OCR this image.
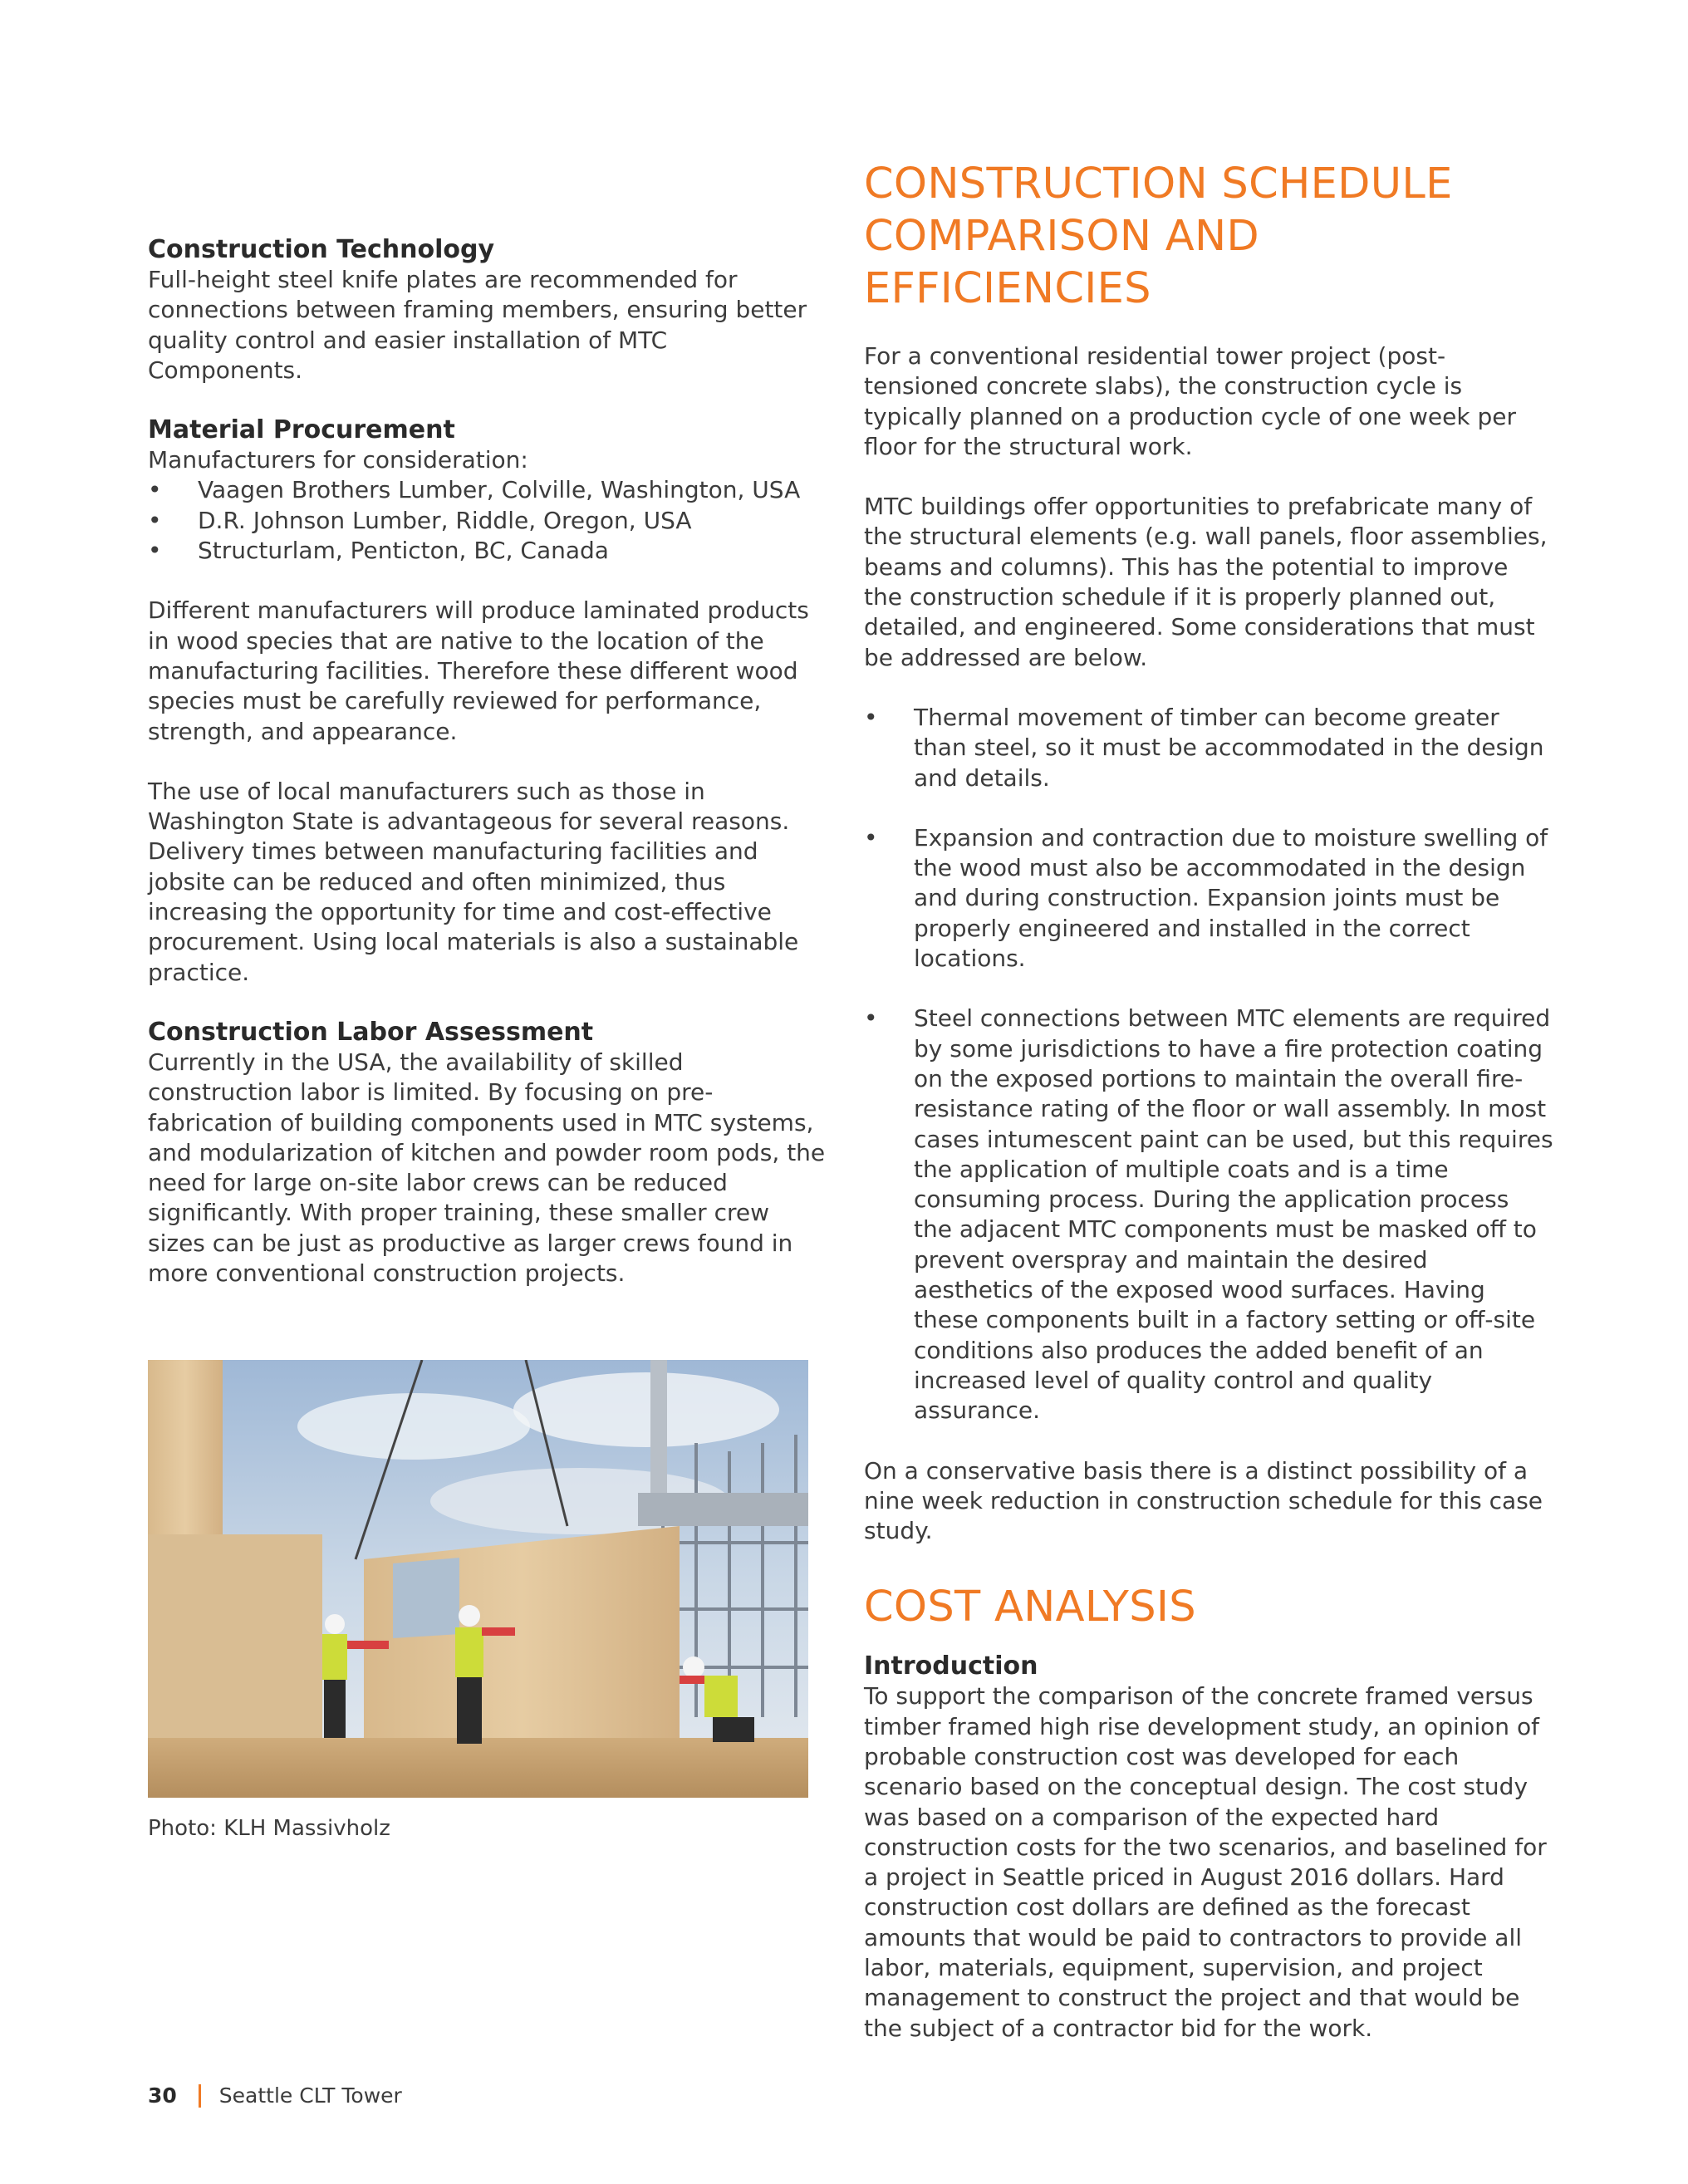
Construction Technology

Full-height steel knife plates are recommended for connections between framing members, ensuring better quality control and easier installation of MTC Components.

Material Procurement

Manufacturers for consideration:

• Vaagen Brothers Lumber, Colville, Washington, USA
• D.R. Johnson Lumber, Riddle, Oregon, USA
• Structurlam, Penticton, BC, Canada

Different manufacturers will produce laminated products in wood species that are native to the location of the manufacturing facilities. Therefore these different wood species must be carefully reviewed for performance, strength, and appearance.

The use of local manufacturers such as those in Washington State is advantageous for several reasons. Delivery times between manufacturing facilities and jobsite can be reduced and often minimized, thus increasing the opportunity for time and cost-effective procurement. Using local materials is also a sustainable practice.

Construction Labor Assessment

Currently in the USA, the availability of skilled construction labor is limited. By focusing on pre-fabrication of building components used in MTC systems, and modularization of kitchen and powder room pods, the need for large on-site labor crews can be reduced significantly. With proper training, these smaller crew sizes can be just as productive as larger crews found in more conventional construction projects.

Photo: KLH Massivholz
CONSTRUCTION SCHEDULE
COMPARISON AND EFFICIENCIES

For a conventional residential tower project (post-tensioned concrete slabs), the construction cycle is typically planned on a production cycle of one week per floor for the structural work.

MTC buildings offer opportunities to prefabricate many of the structural elements (e.g. wall panels, floor assemblies, beams and columns). This has the potential to improve the construction schedule if it is properly planned out, detailed, and engineered. Some considerations that must be addressed are below.

• Thermal movement of timber can become greater than steel, so it must be accommodated in the design and details.
• Expansion and contraction due to moisture swelling of the wood must also be accommodated in the design and during construction. Expansion joints must be properly engineered and installed in the correct locations.
• Steel connections between MTC elements are required by some jurisdictions to have a fire protection coating on the exposed portions to maintain the overall fire-resistance rating of the floor or wall assembly. In most cases intumescent paint can be used, but this requires the application of multiple coats and is a time consuming process. During the application process the adjacent MTC components must be masked off to prevent overspray and maintain the desired aesthetics of the exposed wood surfaces. Having these components built in a factory setting or off-site conditions also produces the added benefit of an increased level of quality control and quality assurance.

On a conservative basis there is a distinct possibility of a nine week reduction in construction schedule for this case study.

COST ANALYSIS
Introduction

To support the comparison of the concrete framed versus timber framed high rise development study, an opinion of probable construction cost was developed for each scenario based on the conceptual design. The cost study was based on a comparison of the expected hard construction costs for the two scenarios, and baselined for a project in Seattle priced in August 2016 dollars. Hard construction cost dollars are defined as the forecast amounts that would be paid to contractors to provide all labor, materials, equipment, supervision, and project management to construct the project and that would be the subject of a contractor bid for the work.

30 Seattle CLT Tower
